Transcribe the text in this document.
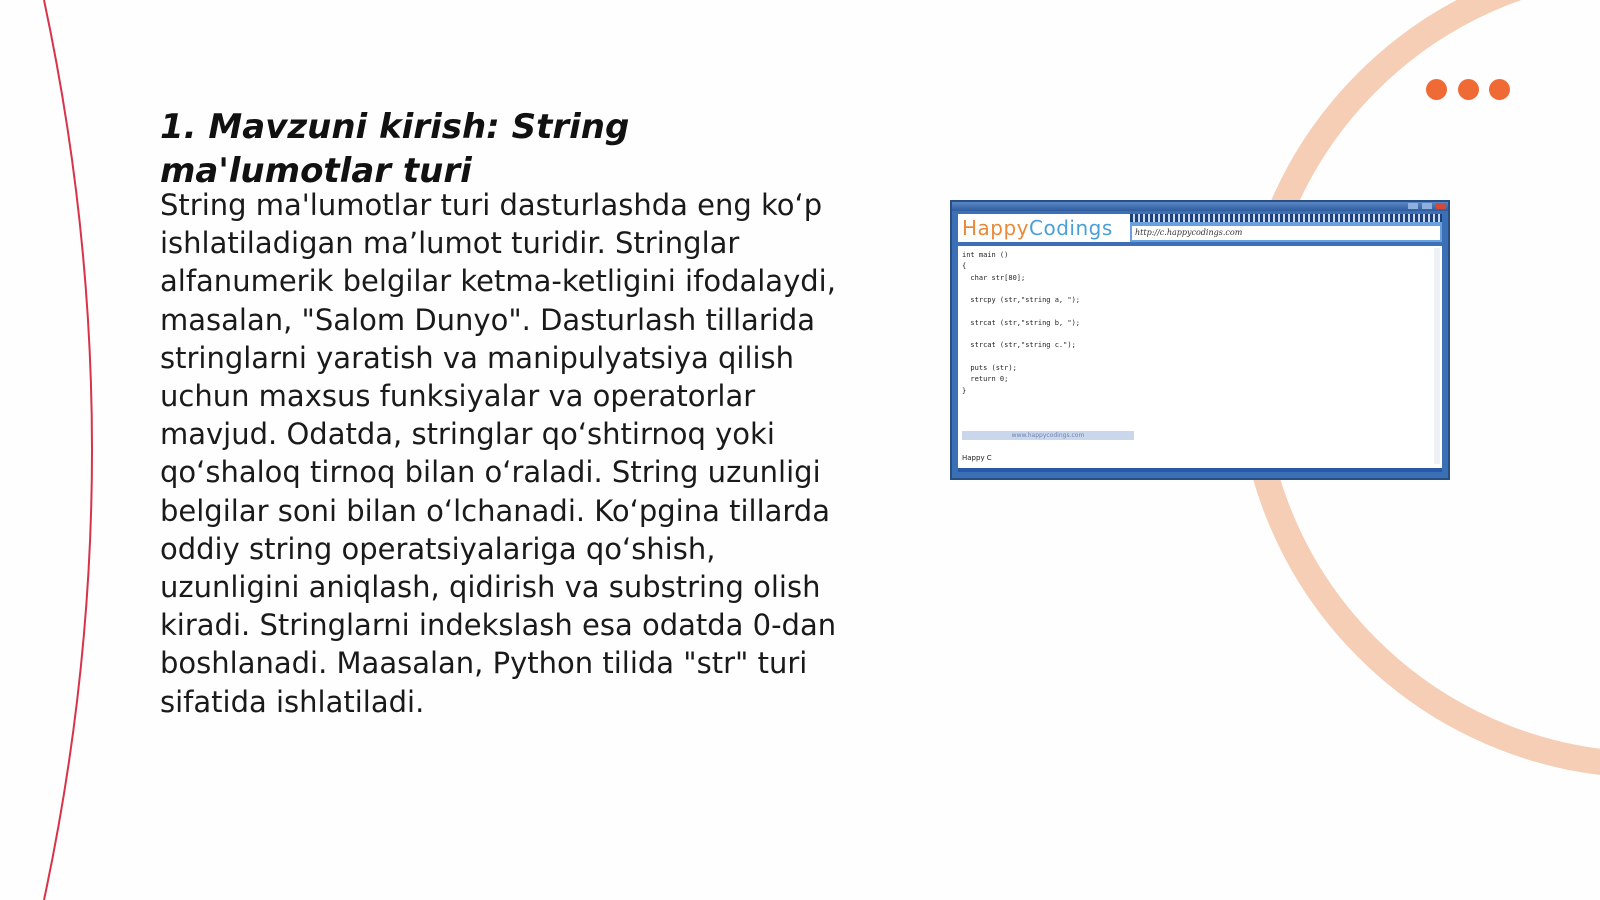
1. Mavzuni kirish: String ma'lumotlar turi

String ma'lumotlar turi dasturlashda eng ko‘p ishlatiladigan ma’lumot turidir. Stringlar alfanumerik belgilar ketma-ketligini ifodalaydi, masalan, "Salom Dunyo". Dasturlash tillarida stringlarni yaratish va manipulyatsiya qilish uchun maxsus funksiyalar va operatorlar mavjud. Odatda, stringlar qo‘shtirnoq yoki qo‘shaloq tirnoq bilan o‘raladi. String uzunligi belgilar soni bilan o‘lchanadi. Ko‘pgina tillarda oddiy string operatsiyalariga qo‘shish, uzunligini aniqlash, qidirish va substring olish kiradi. Stringlarni indekslash esa odatda 0-dan boshlanadi. Maasalan, Python tilida "str" turi sifatida ishlatiladi.

HappyCodings	http://c.happycodings.com
int main ()
{
char str[80];

strcpy (str,"string a, ");

strcat (str,"string b, ");

strcat (str,"string c.");

puts (str);
return 0;
}
www.happycodings.com
Happy C
